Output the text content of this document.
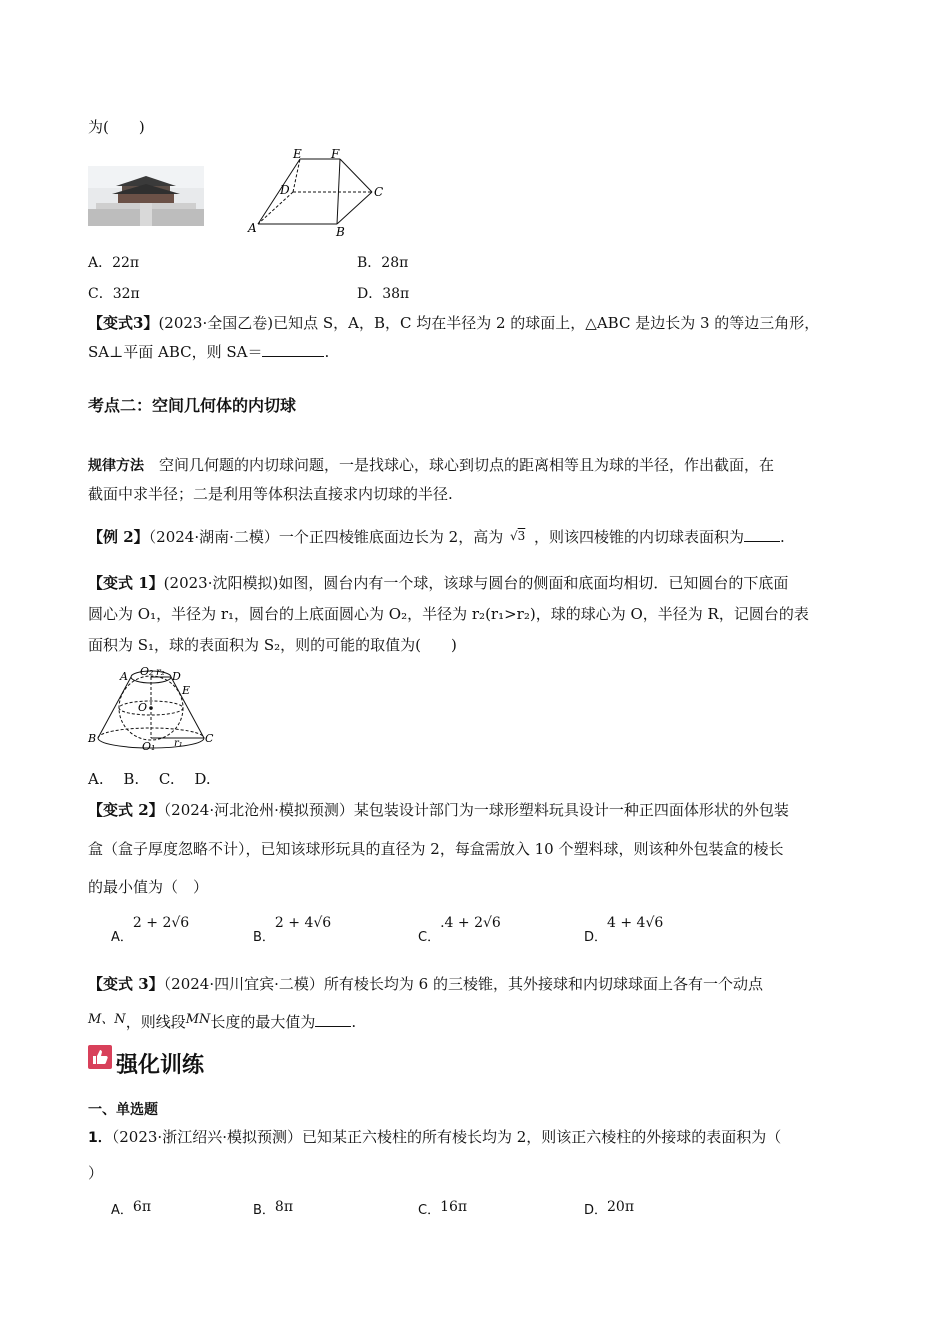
为(　　)
E F
D	C
A	B
A．22π	B．28π
C．32π	D．38π
【变式3】(2023·全国乙卷)已知点 S，A，B，C 均在半径为 2 的球面上，△ABC 是边长为 3 的等边三角形，
SA⊥平面 ABC，则 SA＝	.
考点二：空间几何体的内切球
规律方法　 空间几何题的内切球问题，一是找球心，球心到切点的距离相等且为球的半径，作出截面，在
截面中求半径；二是利用等体积法直接求内切球的半径.
【例 2】（2024·湖南·二模）一个正四棱锥底面边长为 2，高为 √3 ，则该四棱锥的内切球表面积为 .
【变式 1】(2023·沈阳模拟)如图，圆台内有一个球，该球与圆台的侧面和底面均相切．已知圆台的下底面
圆心为 O₁，半径为 r₁，圆台的上底面圆心为 O₂，半径为 r₂(r₁>r₂)，球的球心为 O，半径为 R，记圆台的表
面积为 S₁，球的表面积为 S₂，则的可能的取值为(　　)
A O₂ r₂ D
E
O
B
O₁ r₁ C
A.　 B.　 C.　 D.
【变式 2】（2024·河北沧州·模拟预测）某包装设计部门为一球形塑料玩具设计一种正四面体形状的外包装
盒（盒子厚度忽略不计），已知该球形玩具的直径为 2，每盒需放入 10 个塑料球，则该种外包装盒的棱长
的最小值为（　）
A．2 + 2√6
B．2 + 4√6
C．.4 + 2√6
D．4 + 4√6
【变式 3】（2024·四川宜宾·二模）所有棱长均为 6 的三棱锥，其外接球和内切球球面上各有一个动点
M、N，则线段MN长度的最大值为 .
强化训练
一、单选题
1．（2023·浙江绍兴·模拟预测）已知某正六棱柱的所有棱长均为 2，则该正六棱柱的外接球的表面积为（
）
A．6π	B．8π	C．16π	D．20π
